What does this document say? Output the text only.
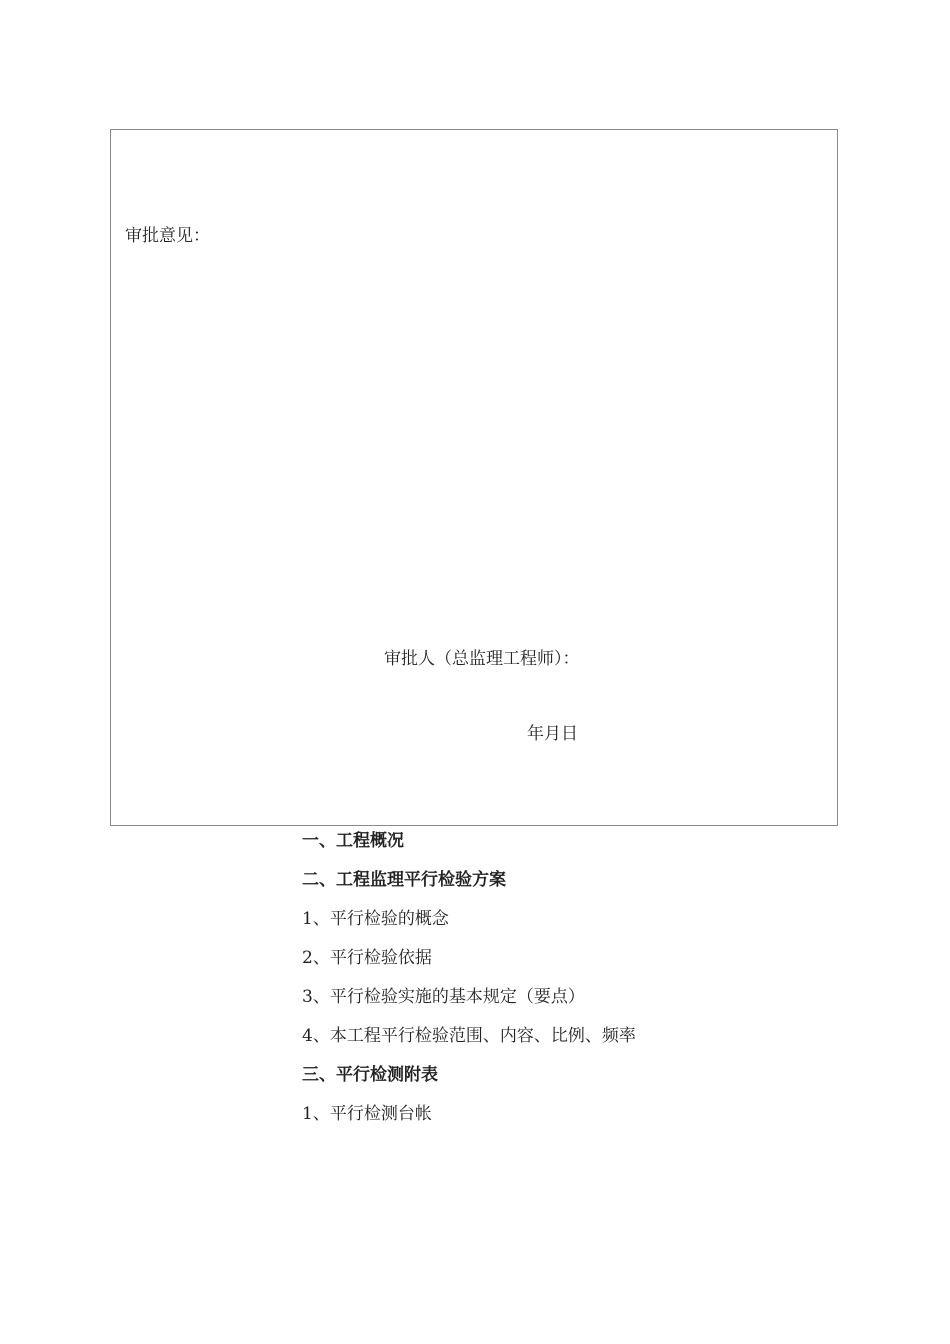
审批意见：
审批人（总监理工程师）：
年月日
一、工程概况
二、工程监理平行检验方案
1、平行检验的概念
2、平行检验依据
3、平行检验实施的基本规定（要点）
4、本工程平行检验范围、内容、比例、频率
三、平行检测附表
1、平行检测台帐
